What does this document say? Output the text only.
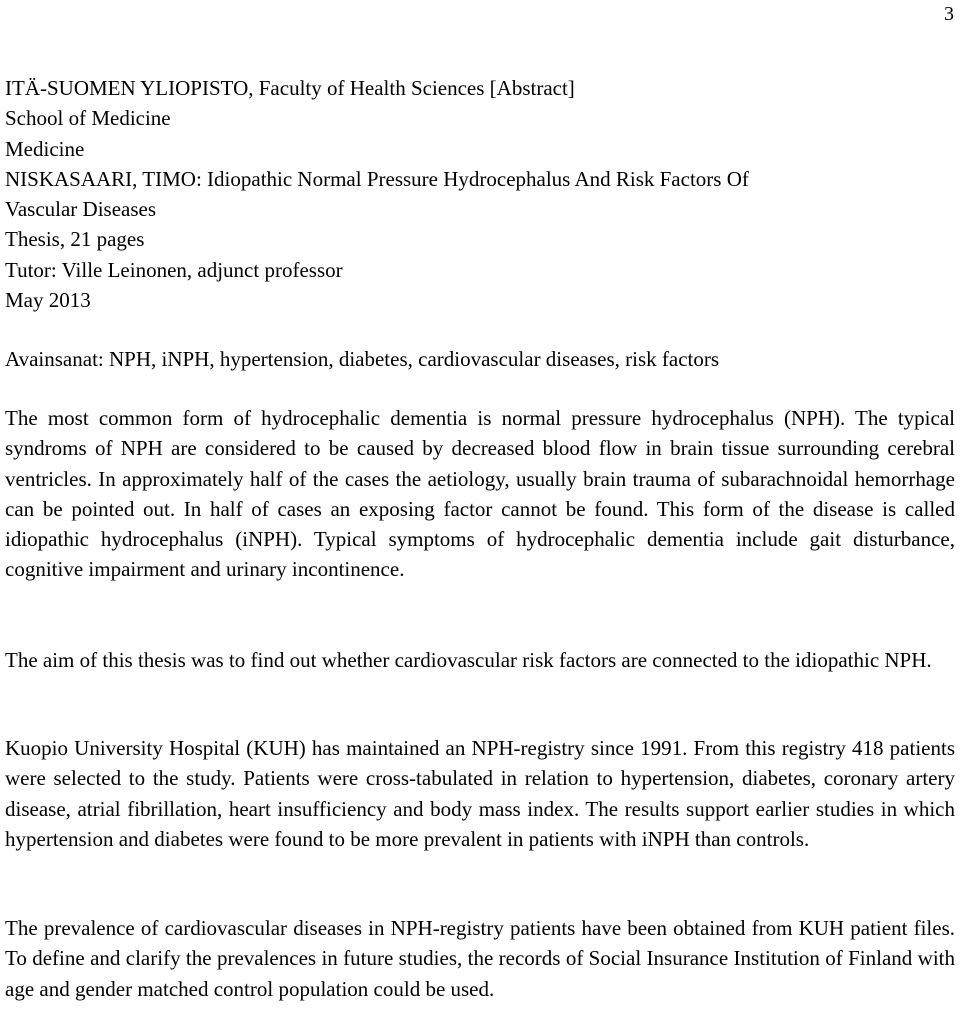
3

ITÄ-SUOMEN YLIOPISTO, Faculty of Health Sciences [Abstract]
School of Medicine
Medicine
NISKASAARI, TIMO: Idiopathic Normal Pressure Hydrocephalus And Risk Factors Of
Vascular Diseases
Thesis, 21 pages
Tutor: Ville Leinonen, adjunct professor
May 2013

Avainsanat: NPH, iNPH, hypertension, diabetes, cardiovascular diseases, risk factors

The most common form of hydrocephalic dementia is normal pressure hydrocephalus (NPH). The typical syndroms of NPH are considered to be caused by decreased blood flow in brain tissue surrounding cerebral ventricles. In approximately half of the cases the aetiology, usually brain trauma of subarachnoidal hemorrhage can be pointed out. In half of cases an exposing factor cannot be found. This form of the disease is called idiopathic hydrocephalus (iNPH). Typical symptoms of hydrocephalic dementia include gait disturbance, cognitive impairment and urinary incontinence.

The aim of this thesis was to find out whether cardiovascular risk factors are connected to the idiopathic NPH.

Kuopio University Hospital (KUH) has maintained an NPH-registry since 1991. From this registry 418 patients were selected to the study. Patients were cross-tabulated in relation to hypertension, diabetes, coronary artery disease, atrial fibrillation, heart insufficiency and body mass index. The results support earlier studies in which hypertension and diabetes were found to be more prevalent in patients with iNPH than controls.

The prevalence of cardiovascular diseases in NPH-registry patients have been obtained from KUH patient files. To define and clarify the prevalences in future studies, the records of Social Insurance Institution of Finland with age and gender matched control population could be used.
